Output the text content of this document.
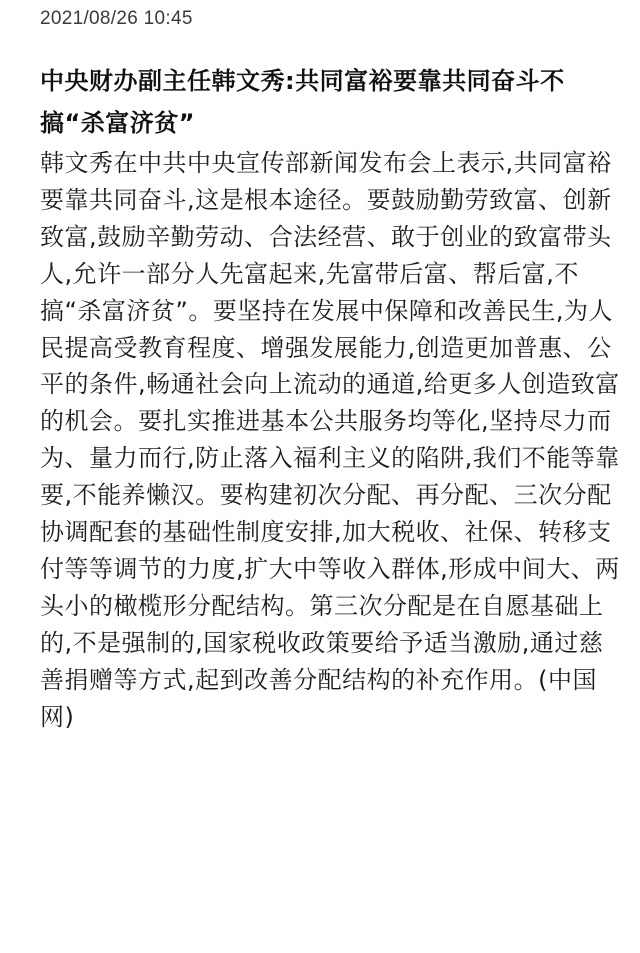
2021/08/26 10:45
中央财办副主任韩文秀:共同富裕要靠共同奋斗不搞“杀富济贫”

韩文秀在中共中央宣传部新闻发布会上表示,共同富裕要靠共同奋斗,这是根本途径。要鼓励勤劳致富、创新致富,鼓励辛勤劳动、合法经营、敢于创业的致富带头人,允许一部分人先富起来,先富带后富、帮后富,不搞“杀富济贫”。要坚持在发展中保障和改善民生,为人民提高受教育程度、增强发展能力,创造更加普惠、公平的条件,畅通社会向上流动的通道,给更多人创造致富的机会。要扎实推进基本公共服务均等化,坚持尽力而为、量力而行,防止落入福利主义的陷阱,我们不能等靠要,不能养懒汉。要构建初次分配、再分配、三次分配协调配套的基础性制度安排,加大税收、社保、转移支付等等调节的力度,扩大中等收入群体,形成中间大、两头小的橄榄形分配结构。第三次分配是在自愿基础上的,不是强制的,国家税收政策要给予适当激励,通过慈善捐赠等方式,起到改善分配结构的补充作用。(中国网)
